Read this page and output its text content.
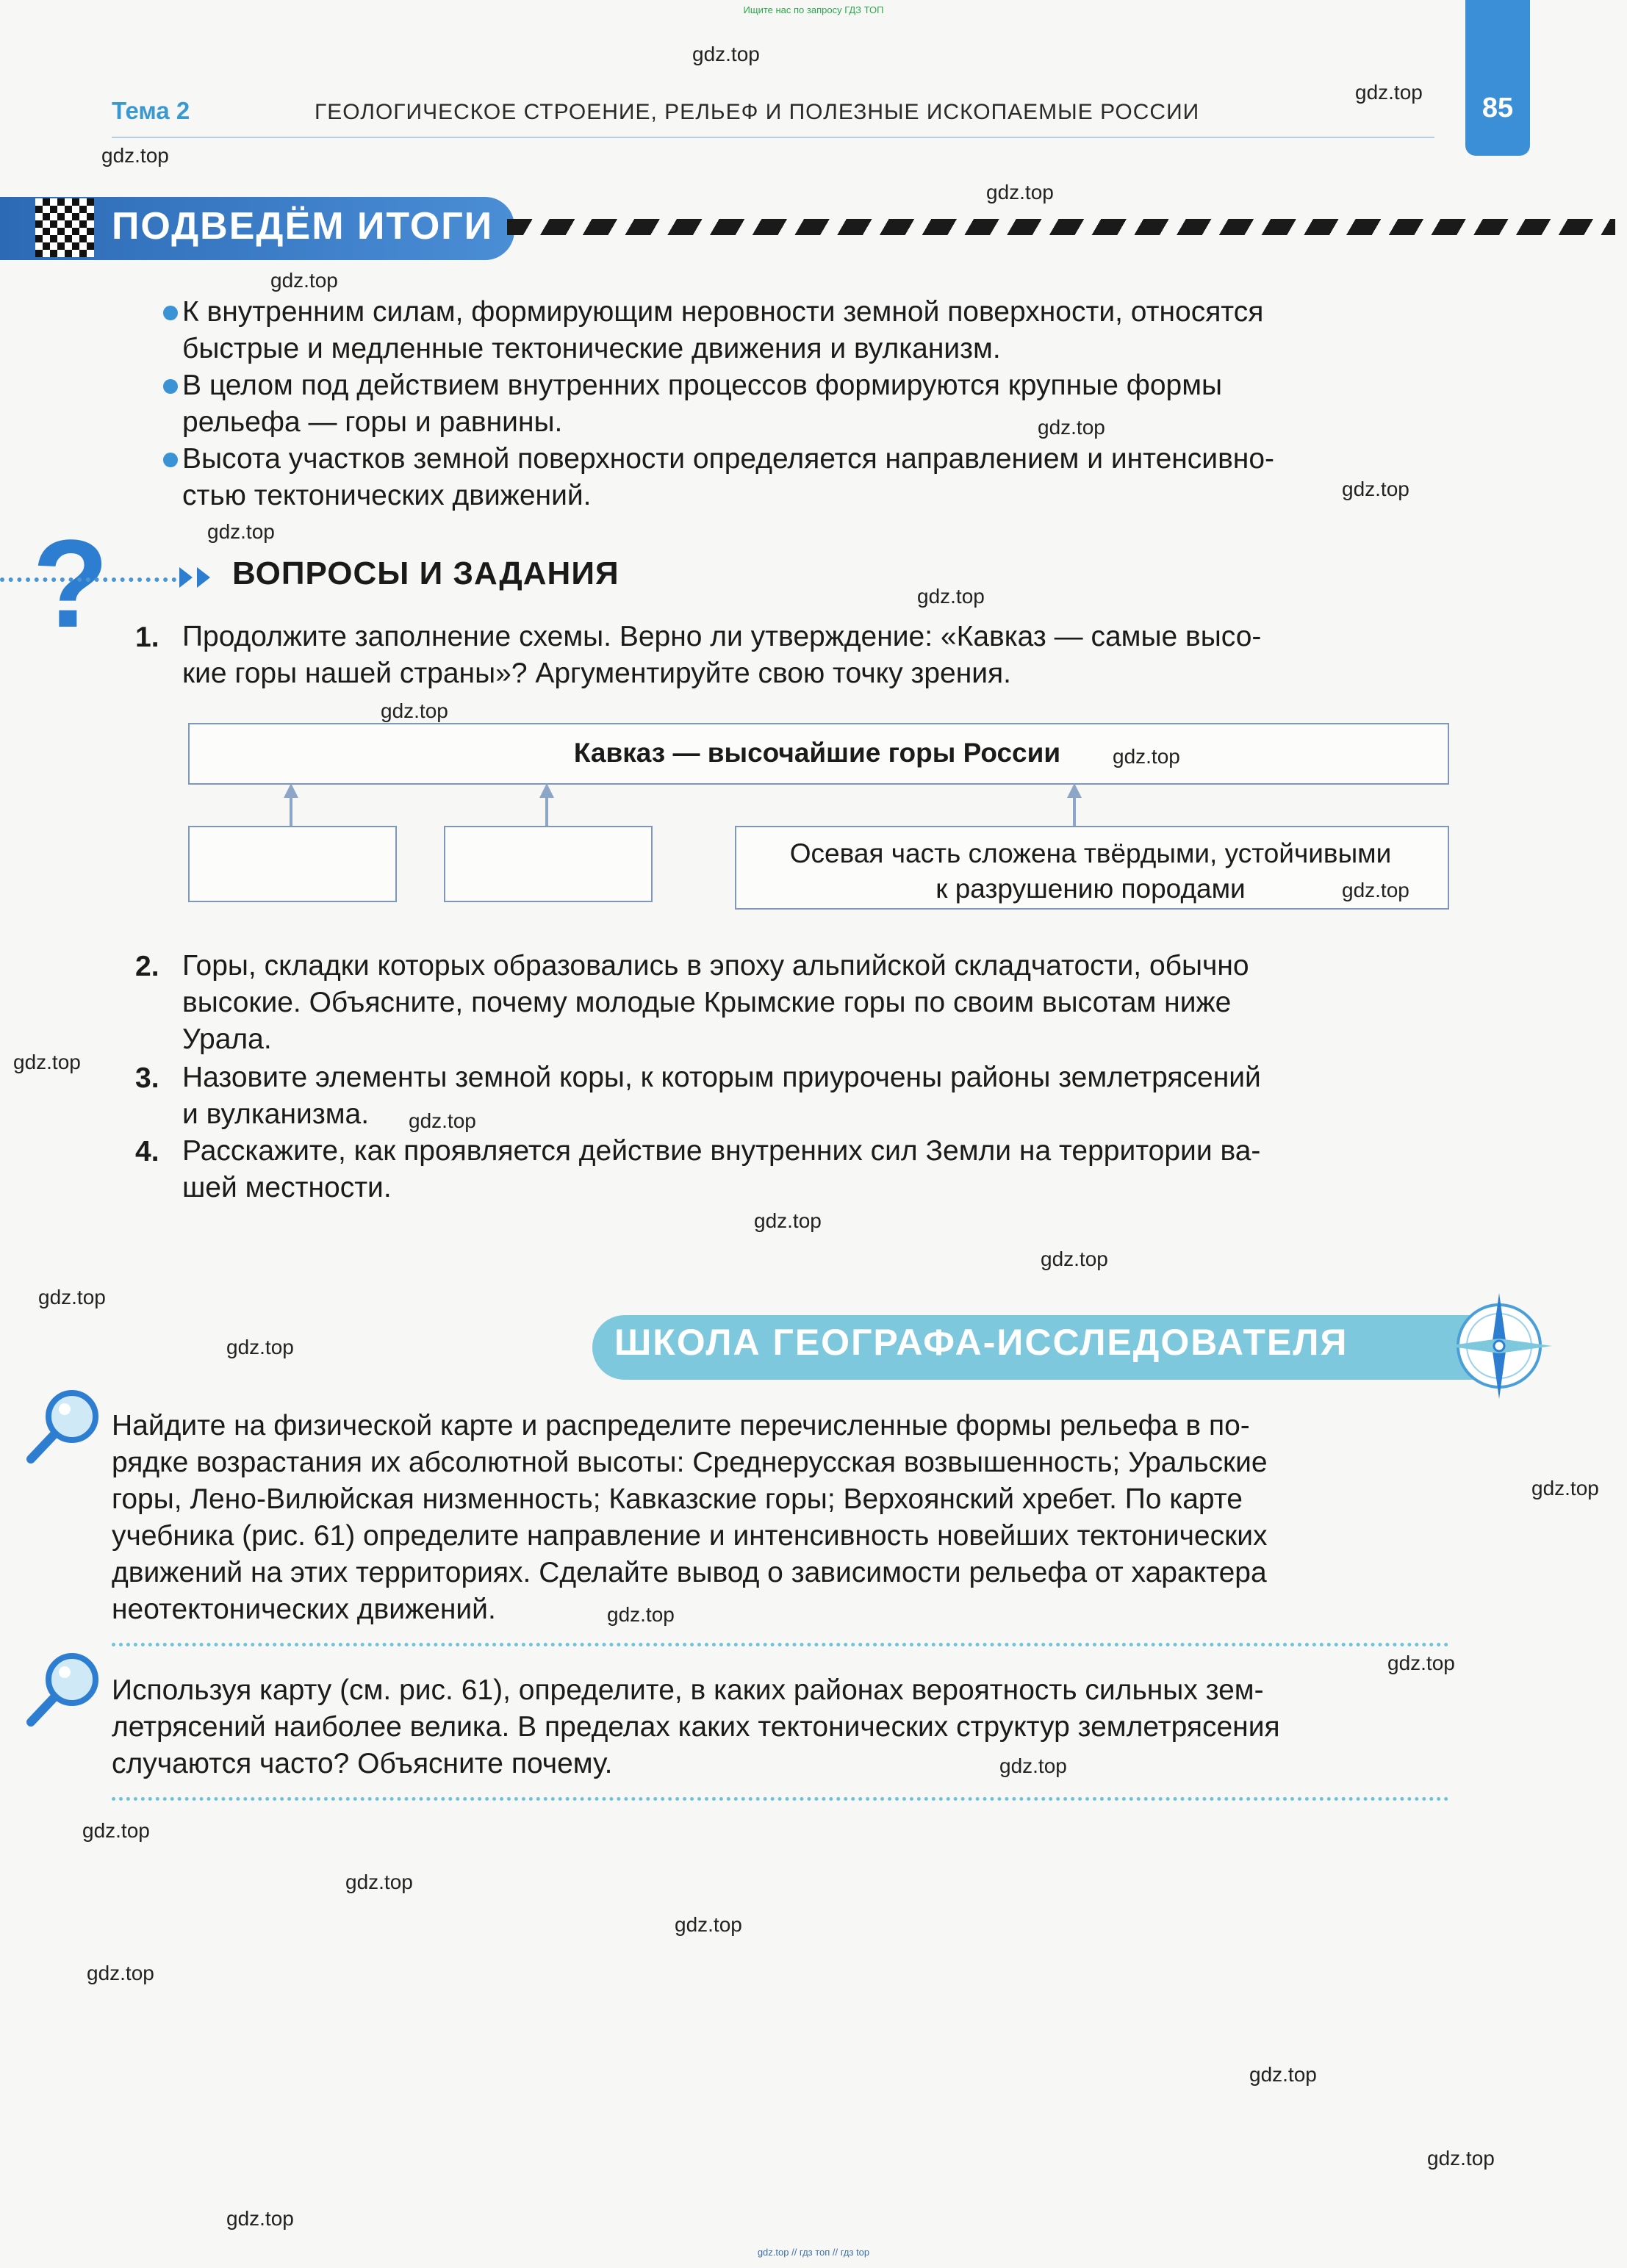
Ищите нас по запросу ГДЗ ТОП
85
Тема 2	ГЕОЛОГИЧЕСКОЕ СТРОЕНИЕ, РЕЛЬЕФ И ПОЛЕЗНЫЕ ИСКОПАЕМЫЕ РОССИИ
ПОДВЕДЁМ ИТОГИ
К внутренним силам, формирующим неровности земной поверхности, относятся
быстрые и медленные тектонические движения и вулканизм.
В целом под действием внутренних процессов формируются крупные формы
рельефа — горы и равнины.
Высота участков земной поверхности определяется направлением и интенсивно-
стью тектонических движений.
?	ВОПРОСЫ И ЗАДАНИЯ
1. Продолжите заполнение схемы. Верно ли утверждение: «Кавказ — самые высо-
кие горы нашей страны»? Аргументируйте свою точку зрения.
Кавказ — высочайшие горы России
Осевая часть сложена твёрдыми, устойчивыми
к разрушению породами
2. Горы, складки которых образовались в эпоху альпийской складчатости, обычно
высокие. Объясните, почему молодые Крымские горы по своим высотам ниже
Урала.
3. Назовите элементы земной коры, к которым приурочены районы землетрясений
и вулканизма.
4. Расскажите, как проявляется действие внутренних сил Земли на территории ва-
шей местности.
ШКОЛА ГЕОГРАФА-ИССЛЕДОВАТЕЛЯ
Найдите на физической карте и распределите перечисленные формы рельефа в по-
рядке возрастания их абсолютной высоты: Среднерусская возвышенность; Уральские
горы, Лено-Вилюйская низменность; Кавказские горы; Верхоянский хребет. По карте
учебника (рис. 61) определите направление и интенсивность новейших тектонических
движений на этих территориях. Сделайте вывод о зависимости рельефа от характера
неотектонических движений.
Используя карту (см. рис. 61), определите, в каких районах вероятность сильных зем-
летрясений наиболее велика. В пределах каких тектонических структур землетрясения
случаются часто? Объясните почему.
gdz.top
gdz.top
gdz.top
gdz.top
gdz.top
gdz.top
gdz.top
gdz.top
gdz.top
gdz.top
gdz.top
gdz.top
gdz.top
gdz.top
gdz.top
gdz.top
gdz.top
gdz.top
gdz.top
gdz.top
gdz.top
gdz.top
gdz.top
gdz.top
gdz.top
gdz.top
gdz.top
gdz.top
gdz.top
gdz.top // гдз топ // гдз top
